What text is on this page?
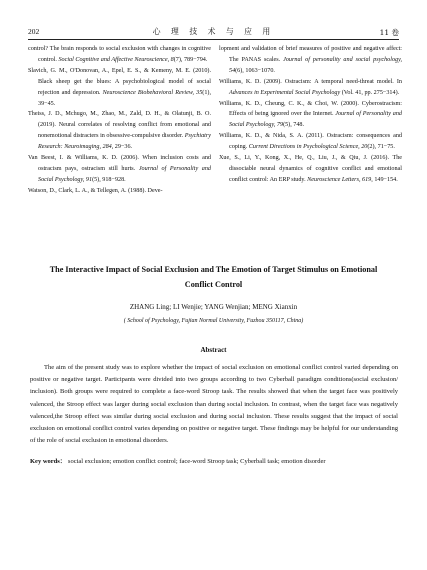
202	心 理 技 术 与 应 用	11 卷
control? The brain responds to social exclusion with changes in cognitive control. Social Cognitive and Affective Neuroscience, 8(7), 789−794.
Slavich, G. M., O'Donovan, A., Epel, E. S., & Kemeny, M. E. (2010). Black sheep get the blues: A psychobiological model of social rejection and depression. Neuroscience Biobehavioral Review, 35(1), 39−45.
Theiss, J. D., Mchugo, M., Zhao, M., Zald, D. H., & Olatunji, B. O. (2019). Neural correlates of resolving conflict from emotional and nonemotional distracters in obsessive-compulsive disorder. Psychiatry Research: Neuroimaging, 284, 29−36.
Van Beest, I. & Williams, K. D. (2006). When inclusion costs and ostracism pays, ostracism still hurts. Journal of Personality and Social Psychology, 91(5), 918−928.
Watson, D., Clark, L. A., & Tellegen, A. (1988). Deve-
lopment and validation of brief measures of positive and negative affect: The PANAS scales. Journal of personality and social psychology, 54(6), 1063−1070.
Williams, K. D. (2009). Ostracism: A temporal need-threat model. In Advances in Experimental Social Psychology (Vol. 41, pp. 275−314).
Williams, K. D., Cheung, C. K., & Choi, W. (2000). Cyberostracism: Effects of being ignored over the Internet. Journal of Personality and Social Psychology, 79(5), 748.
Williams, K. D., & Nida, S. A. (2011). Ostracism: consequences and coping. Current Directions in Psychological Science, 20(2), 71−75.
Xue, S., Li, Y., Kong, X., He, Q., Liu, J., & Qiu, J. (2016). The dissociable neural dynamics of cognitive conflict and emotional conflict control: An ERP study. Neuroscience Letters, 619, 149−154.
The Interactive Impact of Social Exclusion and The Emotion of Target Stimulus on Emotional Conflict Control
ZHANG Ling; LI Wenjie; YANG Wenjian; MENG Xianxin
( School of Psychology, Fujian Normal University, Fuzhou 350117, China)
Abstract
The aim of the present study was to explore whether the impact of social exclusion on emotional conflict control varied depending on positive or negative target. Participants were divided into two groups according to two Cyberball paradigm conditions(social exclusion/ inclusion). Both groups were required to complete a face-word Stroop task. The results showed that when the target face was positively valenced, the Stroop effect was larger during social exclusion than during social inclusion. In contrast, when the target face was negatively valenced,the Stroop effect was similar during social exclusion and during social inclusion. These results suggest that the impact of social exclusion on emotional conflict control varies depending on positive or negative target. These findings may be helpful for our understanding of the role of social exclusion in emotional disorders.
Key words： social exclusion; emotion conflict control; face-word Stroop task; Cyberball task; emotion disorder
